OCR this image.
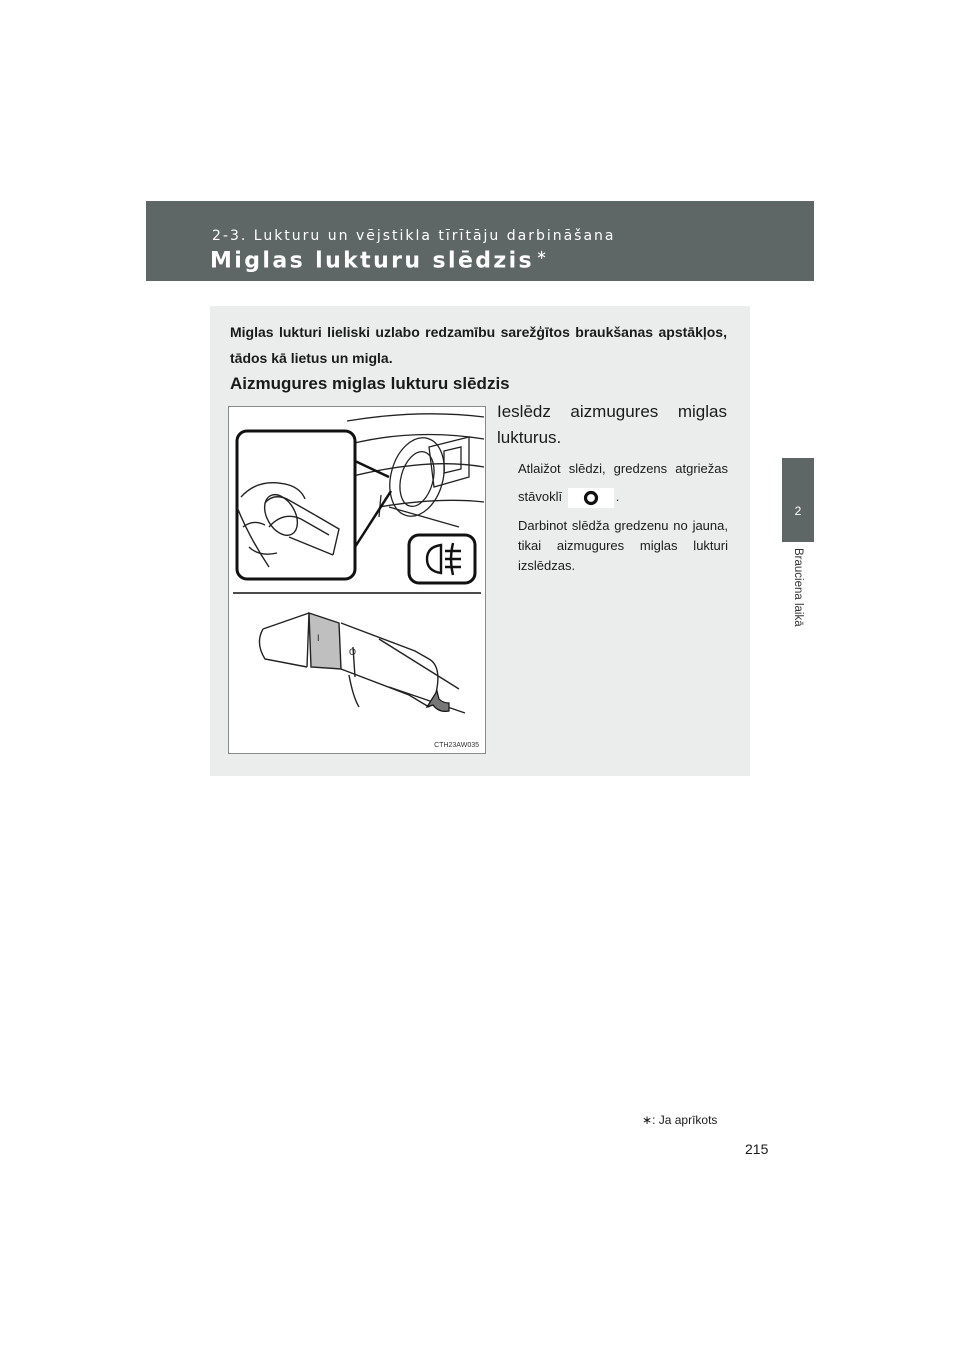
2-3. Lukturu un vējstikla tīrītāju darbināšana
Miglas lukturu slēdzis ∗
2
Brauciena laikā
Miglas lukturi lieliski uzlabo redzamību sarežģītos braukšanas apstākļos, tādos kā lietus un migla.
Aizmugures miglas lukturu slēdzis
I
O
CTH23AW035
Ieslēdz aizmugures miglas lukturus.
Atlaižot slēdzi, gredzens atgriežas stāvoklī	.
Darbinot slēdža gredzenu no jauna, tikai aizmugures miglas lukturi izslēdzas.
∗: Ja aprīkots
215
